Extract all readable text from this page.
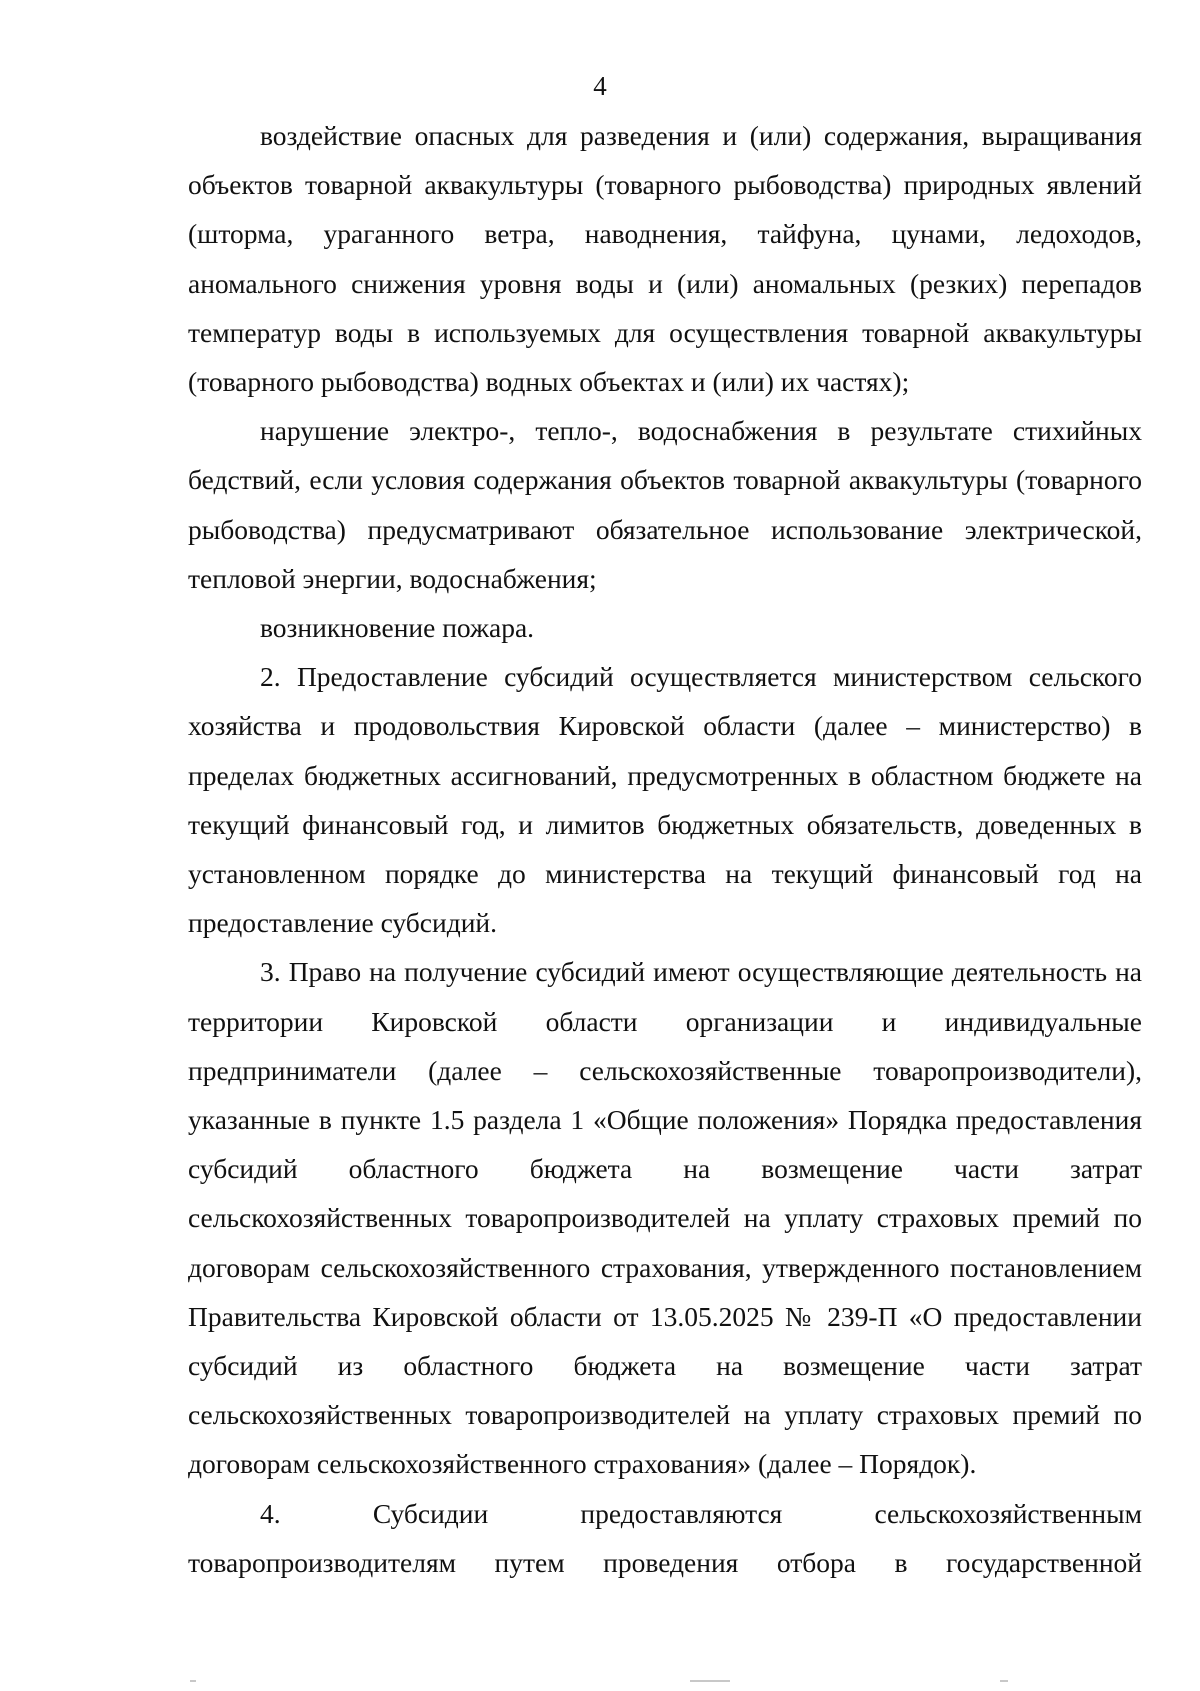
4

воздействие опасных для разведения и (или) содержания, выращивания объектов товарной аквакультуры (товарного рыбоводства) природных явлений (шторма, ураганного ветра, наводнения, тайфуна, цунами, ледоходов, аномального снижения уровня воды и (или) аномальных (резких) перепадов температур воды в используемых для осуществления товарной аквакультуры (товарного рыбоводства) водных объектах и (или) их частях);

нарушение электро-, тепло-, водоснабжения в результате стихийных бедствий, если условия содержания объектов товарной аквакультуры (товарного рыбоводства) предусматривают обязательное использование электрической, тепловой энергии, водоснабжения;

возникновение пожара.

2. Предоставление субсидий осуществляется министерством сельского хозяйства и продовольствия Кировской области (далее – министерство) в пределах бюджетных ассигнований, предусмотренных в областном бюджете на текущий финансовый год, и лимитов бюджетных обязательств, доведенных в установленном порядке до министерства на текущий финансовый год на предоставление субсидий.

3. Право на получение субсидий имеют осуществляющие деятельность на территории Кировской области организации и индивидуальные предприниматели (далее – сельскохозяйственные товаропроизводители), указанные в пункте 1.5 раздела 1 «Общие положения» Порядка предоставления субсидий областного бюджета на возмещение части затрат сельскохозяйственных товаропроизводителей на уплату страховых премий по договорам сельскохозяйственного страхования, утвержденного постановлением Правительства Кировской области от 13.05.2025 № 239-П «О предоставлении субсидий из областного бюджета на возмещение части затрат сельскохозяйственных товаропроизводителей на уплату страховых премий по договорам сельскохозяйственного страхования» (далее – Порядок).

4. Субсидии предоставляются сельскохозяйственным товаропроизводителям путем проведения отбора в государственной
